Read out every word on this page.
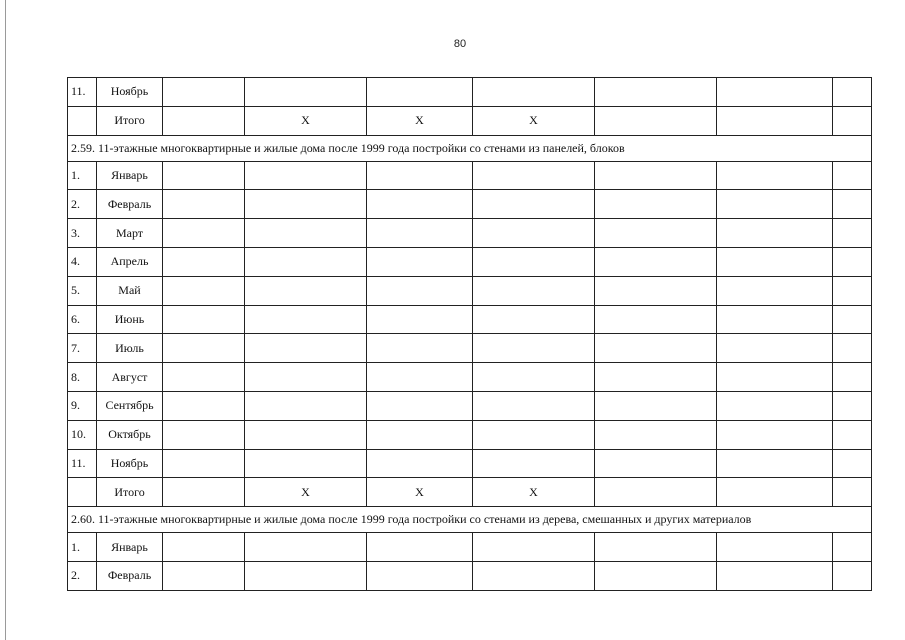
80
11.	Ноябрь							
	Итого		X	X	X			
2.59. 11-этажные многоквартирные и жилые дома после 1999 года постройки со стенами из панелей, блоков								
1.	Январь							
2.	Февраль							
3.	Март							
4.	Апрель							
5.	Май							
6.	Июнь							
7.	Июль							
8.	Август							
9.	Сентябрь							
10.	Октябрь							
11.	Ноябрь							
	Итого		X	X	X			
2.60. 11-этажные многоквартирные и жилые дома после 1999 года постройки со стенами из дерева, смешанных и других материалов								
1.	Январь							
2.	Февраль							
